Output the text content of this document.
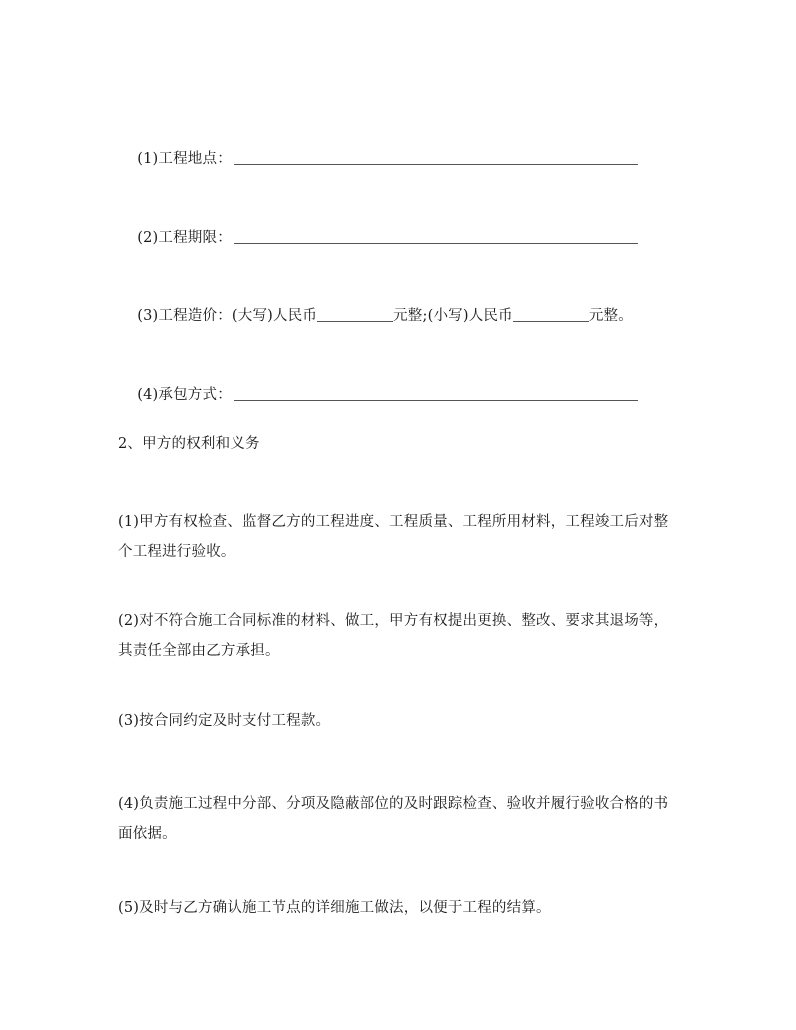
(1)工程地点：

(2)工程期限：

(3)工程造价：(大写)人民币	元整;(小写)人民币	元整。

(4)承包方式：

2、甲方的权利和义务
(1)甲方有权检查、监督乙方的工程进度、工程质量、工程所用材料，工程竣工后对整个工程进行验收。
(2)对不符合施工合同标准的材料、做工，甲方有权提出更换、整改、要求其退场等，其责任全部由乙方承担。
(3)按合同约定及时支付工程款。
(4)负责施工过程中分部、分项及隐蔽部位的及时跟踪检查、验收并履行验收合格的书面依据。
(5)及时与乙方确认施工节点的详细施工做法，以便于工程的结算。
